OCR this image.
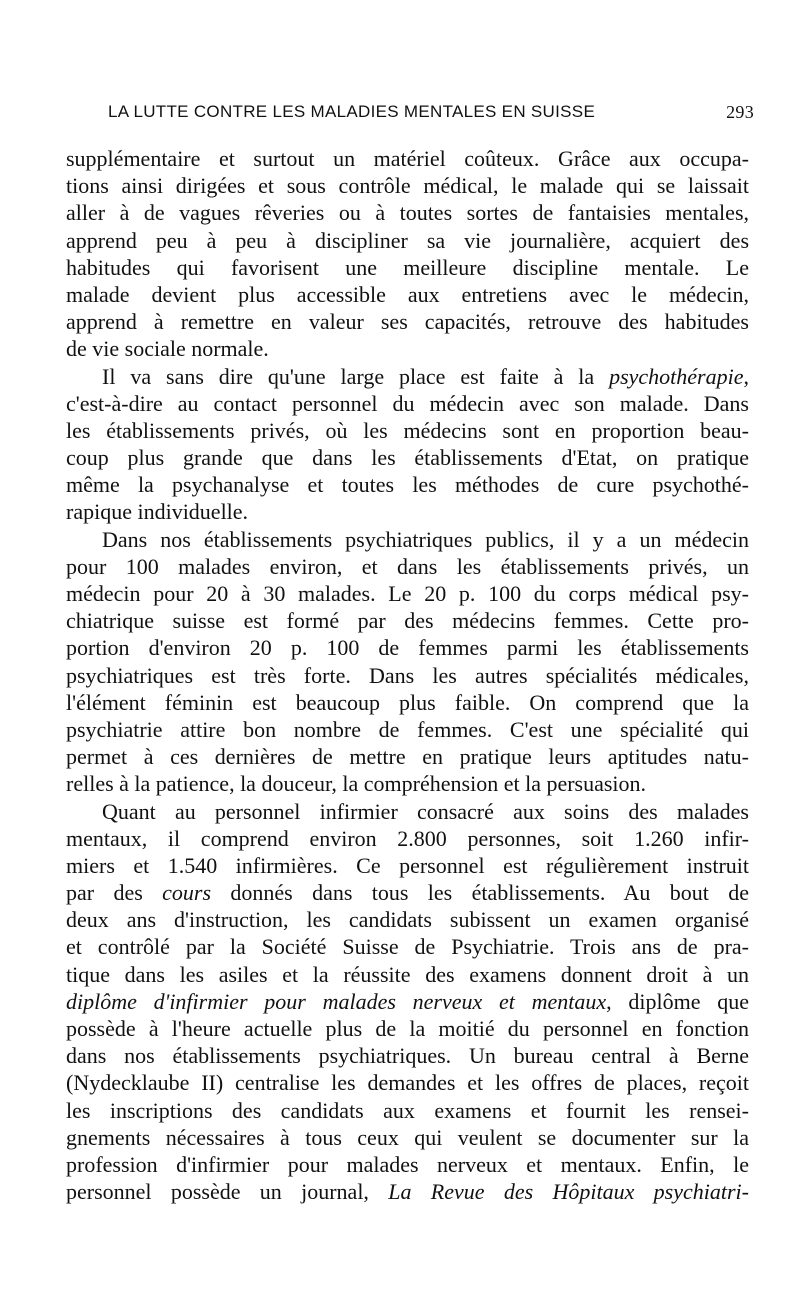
LA LUTTE CONTRE LES MALADIES MENTALES EN SUISSE	293

supplémentaire et surtout un matériel coûteux. Grâce aux occupa-
tions ainsi dirigées et sous contrôle médical, le malade qui se laissait
aller à de vagues rêveries ou à toutes sortes de fantaisies mentales,
apprend peu à peu à discipliner sa vie journalière, acquiert des
habitudes qui favorisent une meilleure discipline mentale. Le
malade devient plus accessible aux entretiens avec le médecin,
apprend à remettre en valeur ses capacités, retrouve des habitudes
de vie sociale normale.

Il va sans dire qu'une large place est faite à la psychothérapie,
c'est-à-dire au contact personnel du médecin avec son malade. Dans
les établissements privés, où les médecins sont en proportion beau-
coup plus grande que dans les établissements d'Etat, on pratique
même la psychanalyse et toutes les méthodes de cure psychothé-
rapique individuelle.

Dans nos établissements psychiatriques publics, il y a un médecin
pour 100 malades environ, et dans les établissements privés, un
médecin pour 20 à 30 malades. Le 20 p. 100 du corps médical psy-
chiatrique suisse est formé par des médecins femmes. Cette pro-
portion d'environ 20 p. 100 de femmes parmi les établissements
psychiatriques est très forte. Dans les autres spécialités médicales,
l'élément féminin est beaucoup plus faible. On comprend que la
psychiatrie attire bon nombre de femmes. C'est une spécialité qui
permet à ces dernières de mettre en pratique leurs aptitudes natu-
relles à la patience, la douceur, la compréhension et la persuasion.

Quant au personnel infirmier consacré aux soins des malades
mentaux, il comprend environ 2.800 personnes, soit 1.260 infir-
miers et 1.540 infirmières. Ce personnel est régulièrement instruit
par des cours donnés dans tous les établissements. Au bout de
deux ans d'instruction, les candidats subissent un examen organisé
et contrôlé par la Société Suisse de Psychiatrie. Trois ans de pra-
tique dans les asiles et la réussite des examens donnent droit à un
diplôme d'infirmier pour malades nerveux et mentaux, diplôme que
possède à l'heure actuelle plus de la moitié du personnel en fonction
dans nos établissements psychiatriques. Un bureau central à Berne
(Nydecklaube II) centralise les demandes et les offres de places, reçoit
les inscriptions des candidats aux examens et fournit les rensei-
gnements nécessaires à tous ceux qui veulent se documenter sur la
profession d'infirmier pour malades nerveux et mentaux. Enfin, le
personnel possède un journal, La Revue des Hôpitaux psychiatri-
